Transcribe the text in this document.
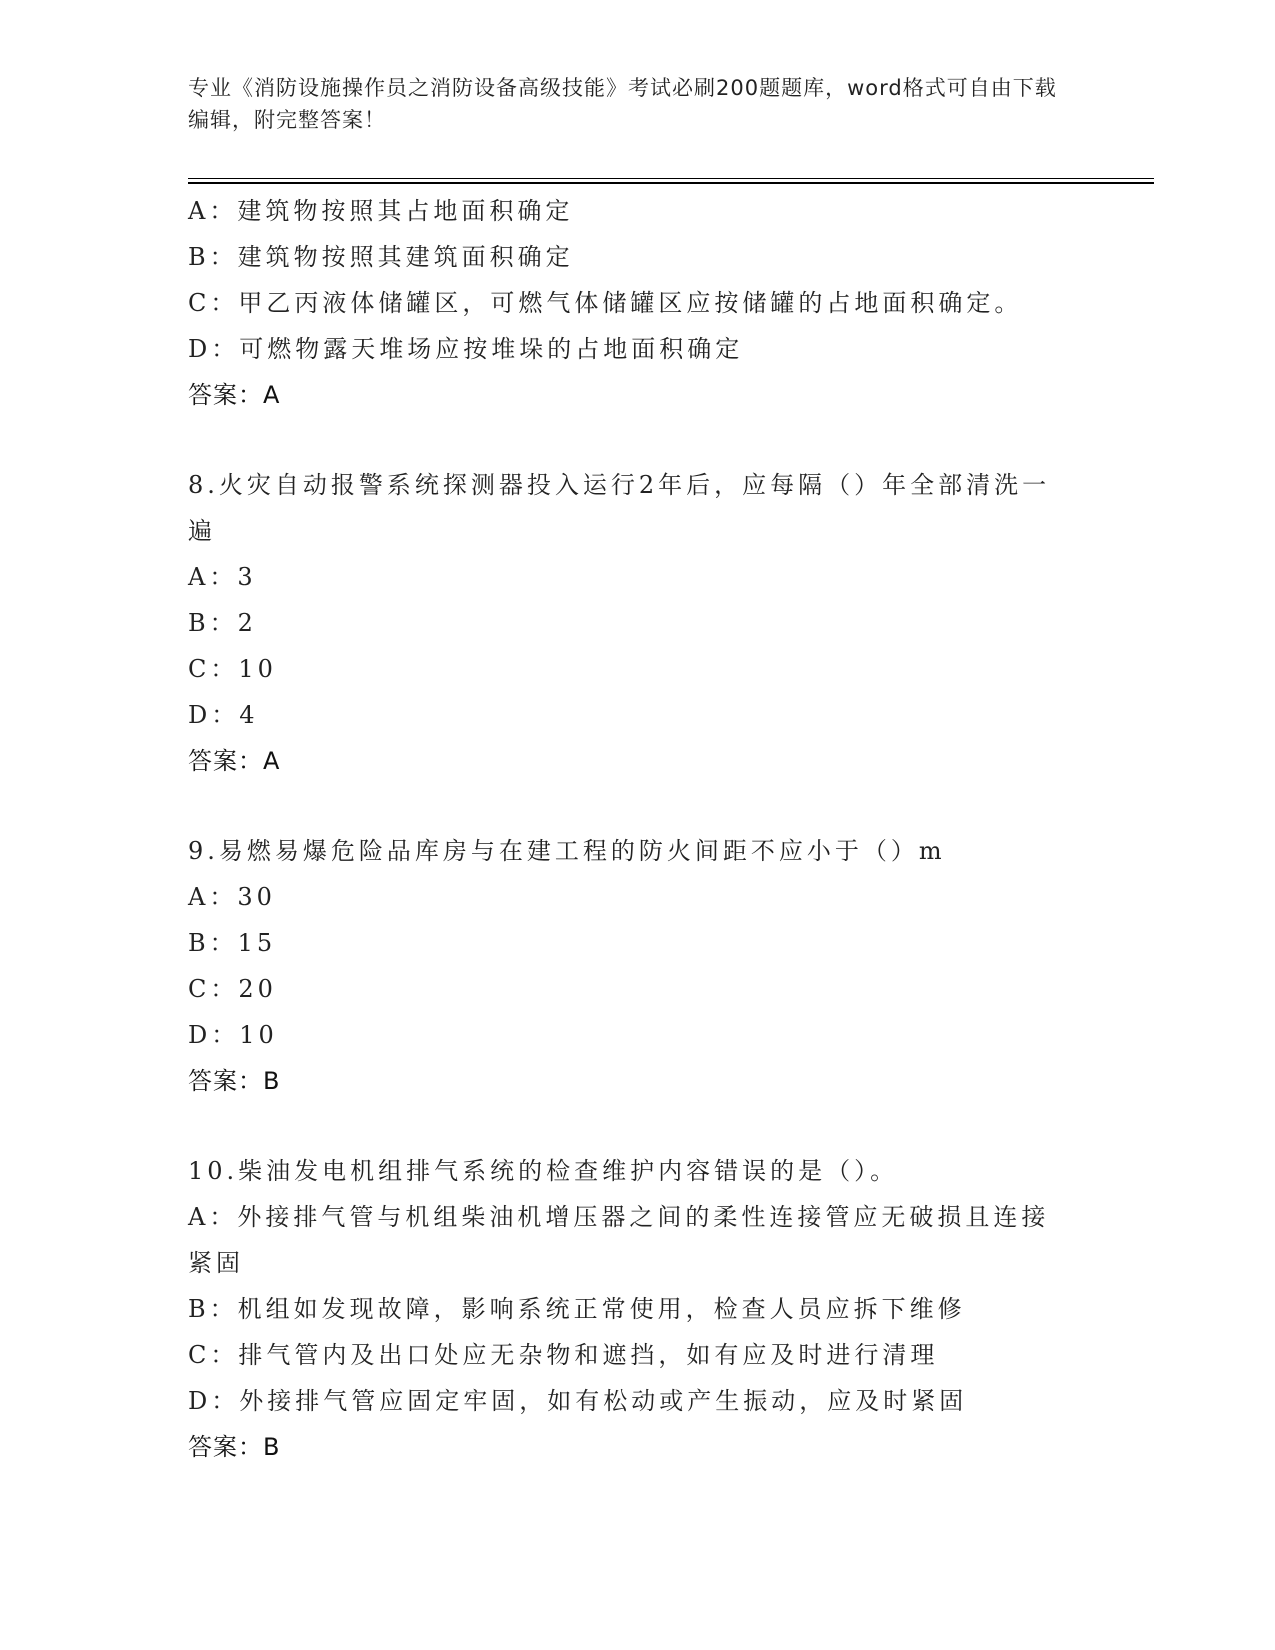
专业《消防设施操作员之消防设备高级技能》考试必刷200题题库，word格式可自由下载编辑，附完整答案！
A：建筑物按照其占地面积确定
B：建筑物按照其建筑面积确定
C：甲乙丙液体储罐区，可燃气体储罐区应按储罐的占地面积确定。
D：可燃物露天堆场应按堆垛的占地面积确定
答案：A
8.火灾自动报警系统探测器投入运行2年后，应每隔（）年全部清洗一遍
A：3
B：2
C：10
D：4
答案：A
9.易燃易爆危险品库房与在建工程的防火间距不应小于（）m
A：30
B：15
C：20
D：10
答案：B
10.柴油发电机组排气系统的检查维护内容错误的是（）。
A：外接排气管与机组柴油机增压器之间的柔性连接管应无破损且连接紧固
B：机组如发现故障，影响系统正常使用，检查人员应拆下维修
C：排气管内及出口处应无杂物和遮挡，如有应及时进行清理
D：外接排气管应固定牢固，如有松动或产生振动，应及时紧固
答案：B
